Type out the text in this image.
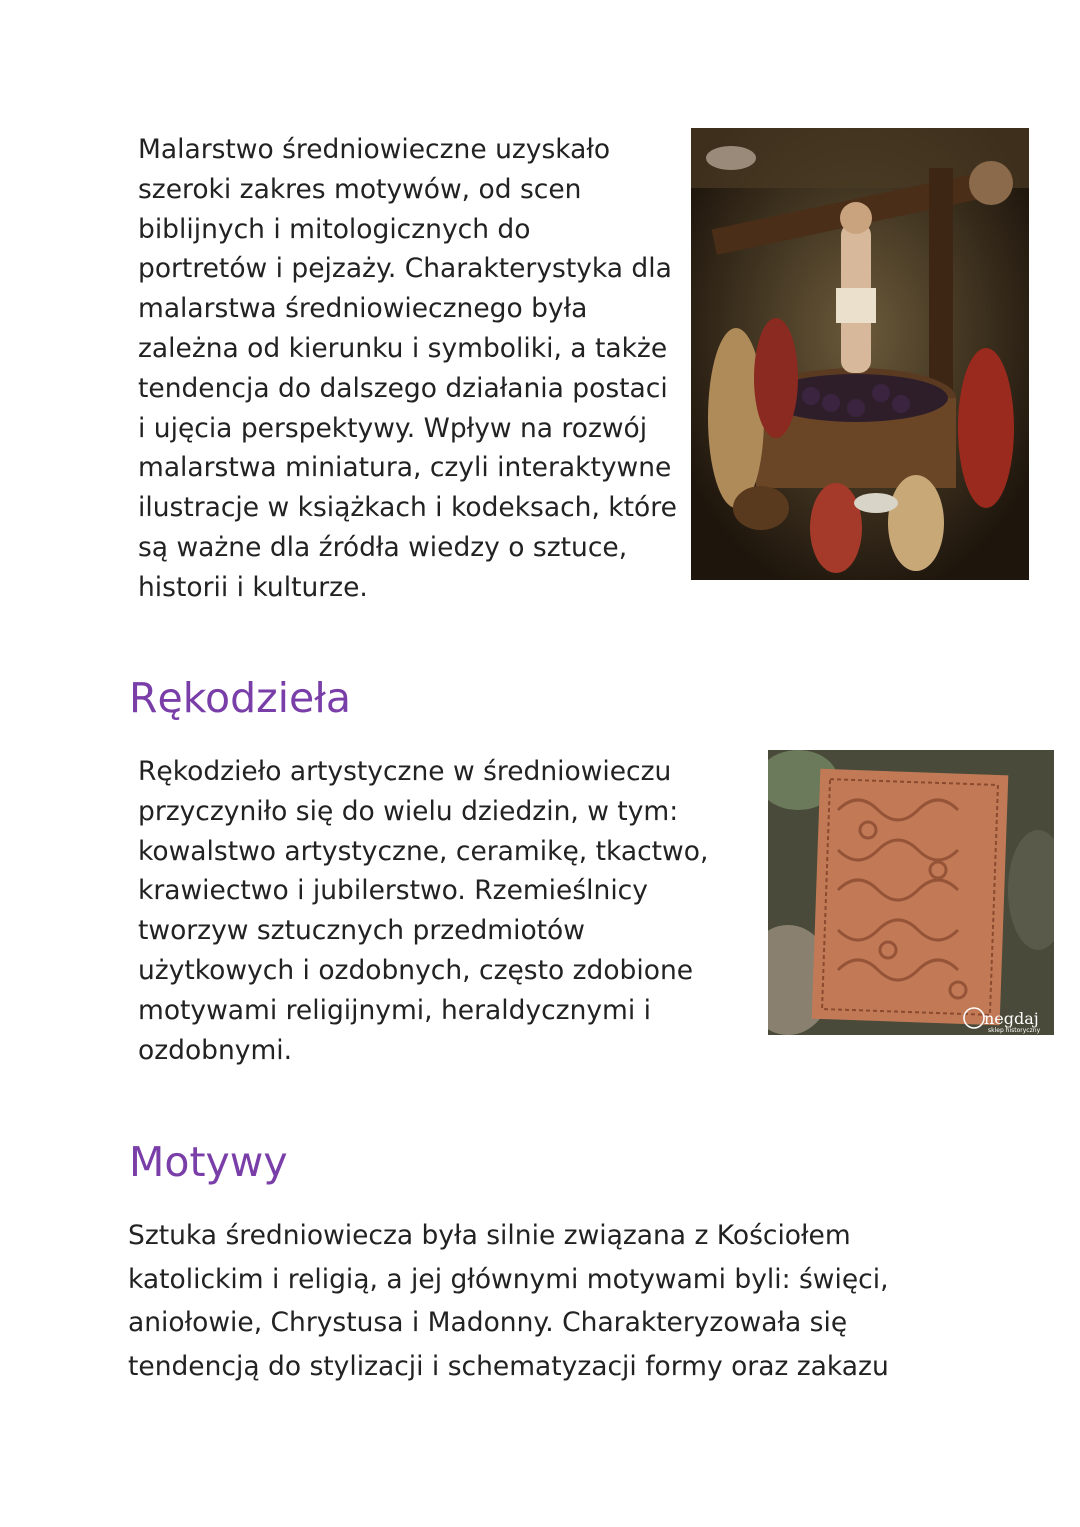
Malarstwo średniowieczne uzyskało
szeroki zakres motywów, od scen
biblijnych i mitologicznych do
portretów i pejzaży. Charakterystyka dla
malarstwa średniowiecznego była
zależna od kierunku i symboliki, a także
tendencja do dalszego działania postaci
i ujęcia perspektywy. Wpływ na rozwój
malarstwa miniatura, czyli interaktywne
ilustracje w książkach i kodeksach, które
są ważne dla źródła wiedzy o sztuce,
historii i kulturze.
Rękodzieła
Rękodzieło artystyczne w średniowieczu
przyczyniło się do wielu dziedzin, w tym:
kowalstwo artystyczne, ceramikę, tkactwo,
krawiectwo i jubilerstwo. Rzemieślnicy
tworzyw sztucznych przedmiotów
użytkowych i ozdobnych, często zdobione
motywami religijnymi, heraldycznymi i
ozdobnymi.
negdaj
sklep historyczny
Motywy
Sztuka średniowiecza była silnie związana z Kościołem
katolickim i religią, a jej głównymi motywami byli: święci,
aniołowie, Chrystusa i Madonny. Charakteryzowała się
tendencją do stylizacji i schematyzacji formy oraz zakazu
